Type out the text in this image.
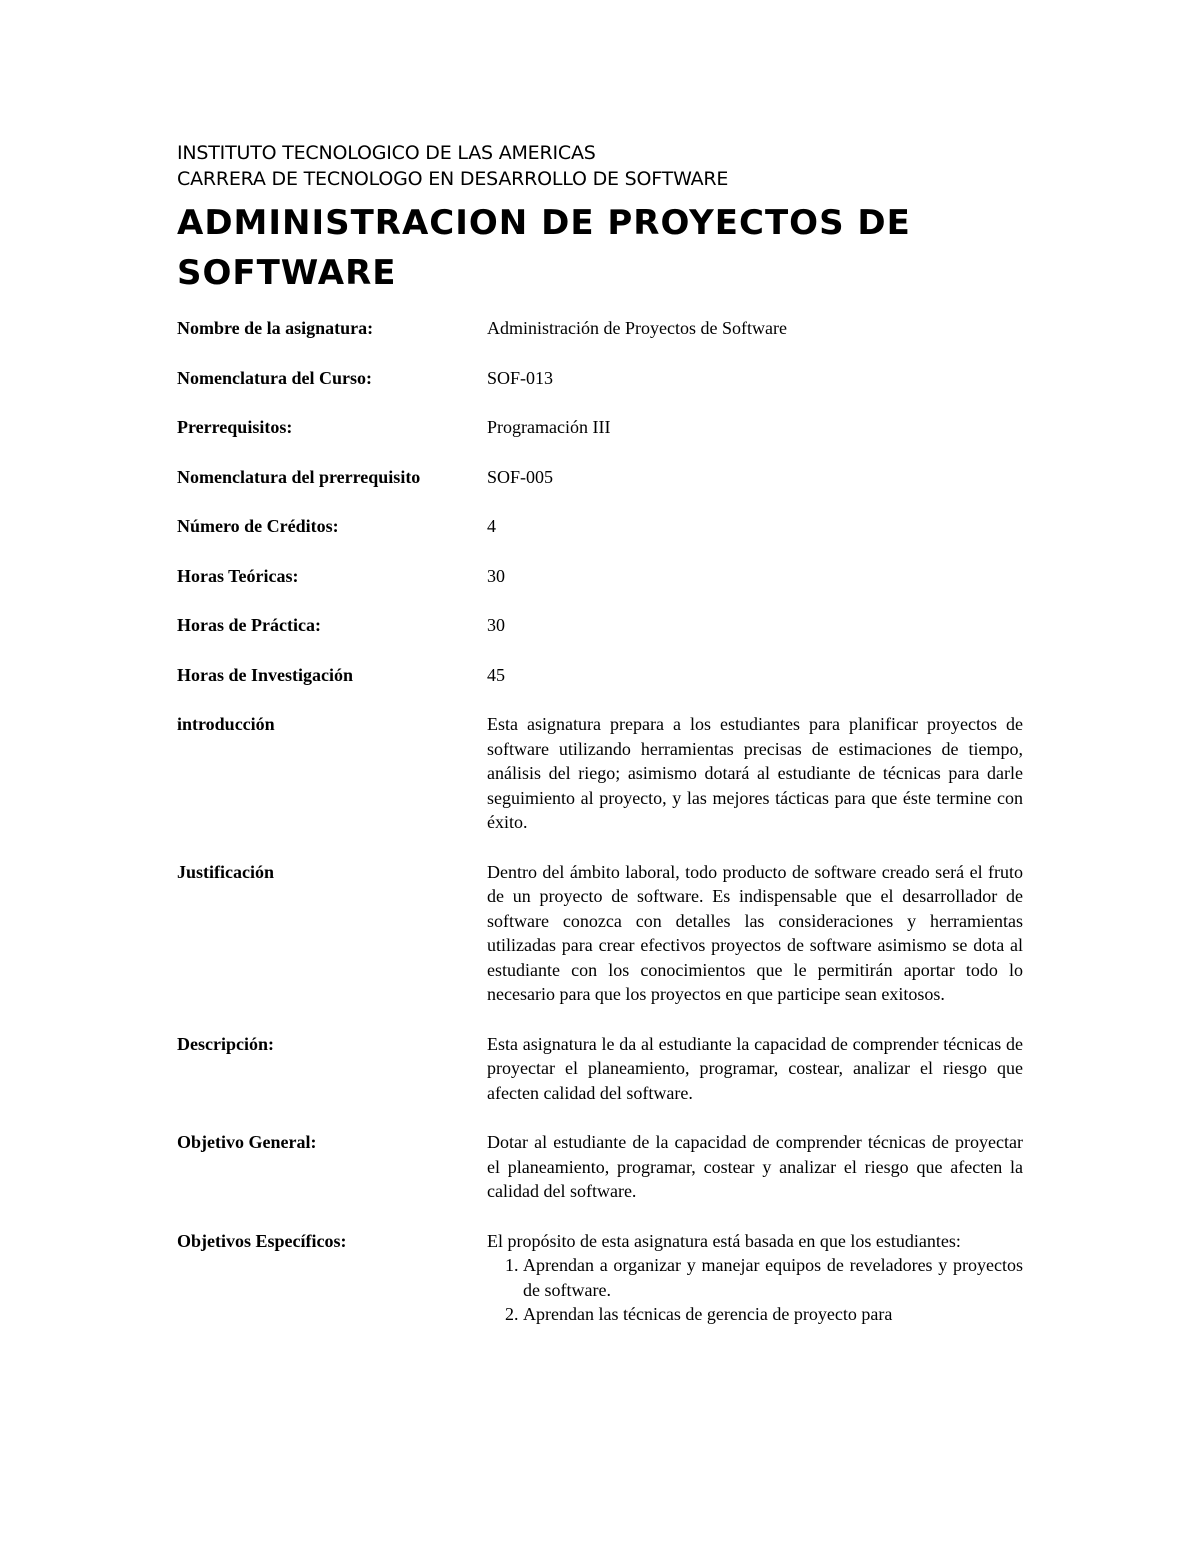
INSTITUTO TECNOLOGICO DE LAS AMERICAS
CARRERA DE TECNOLOGO EN DESARROLLO DE SOFTWARE
ADMINISTRACION DE PROYECTOS DE
SOFTWARE
Nombre de la asignatura:	Administración de Proyectos de Software
Nomenclatura del Curso:	SOF-013
Prerrequisitos:	Programación III
Nomenclatura del prerrequisito	SOF-005
Número de Créditos:	4
Horas Teóricas:	30
Horas de Práctica:	30
Horas de Investigación	45
introducción	Esta asignatura prepara a los estudiantes para planificar proyectos de software utilizando herramientas precisas de estimaciones de tiempo, análisis del riego; asimismo dotará al estudiante de técnicas para darle seguimiento al proyecto, y las mejores tácticas para que éste termine con éxito.
Justificación	Dentro del ámbito laboral, todo producto de software creado será el fruto de un proyecto de software. Es indispensable que el desarrollador de software conozca con detalles las consideraciones y herramientas utilizadas para crear efectivos proyectos de software asimismo se dota al estudiante con los conocimientos que le permitirán aportar todo lo necesario para que los proyectos en que participe sean exitosos.
Descripción:	Esta asignatura le da al estudiante la capacidad de comprender técnicas de proyectar el planeamiento, programar, costear, analizar el riesgo que afecten calidad del software.
Objetivo General:	Dotar al estudiante de la capacidad de comprender técnicas de proyectar el planeamiento, programar, costear y analizar el riesgo que afecten la calidad del software.
Objetivos Específicos:	El propósito de esta asignatura está basada en que los estudiantes:
1. Aprendan a organizar y manejar equipos de reveladores y proyectos de software.
2. Aprendan las técnicas de gerencia de proyecto para
